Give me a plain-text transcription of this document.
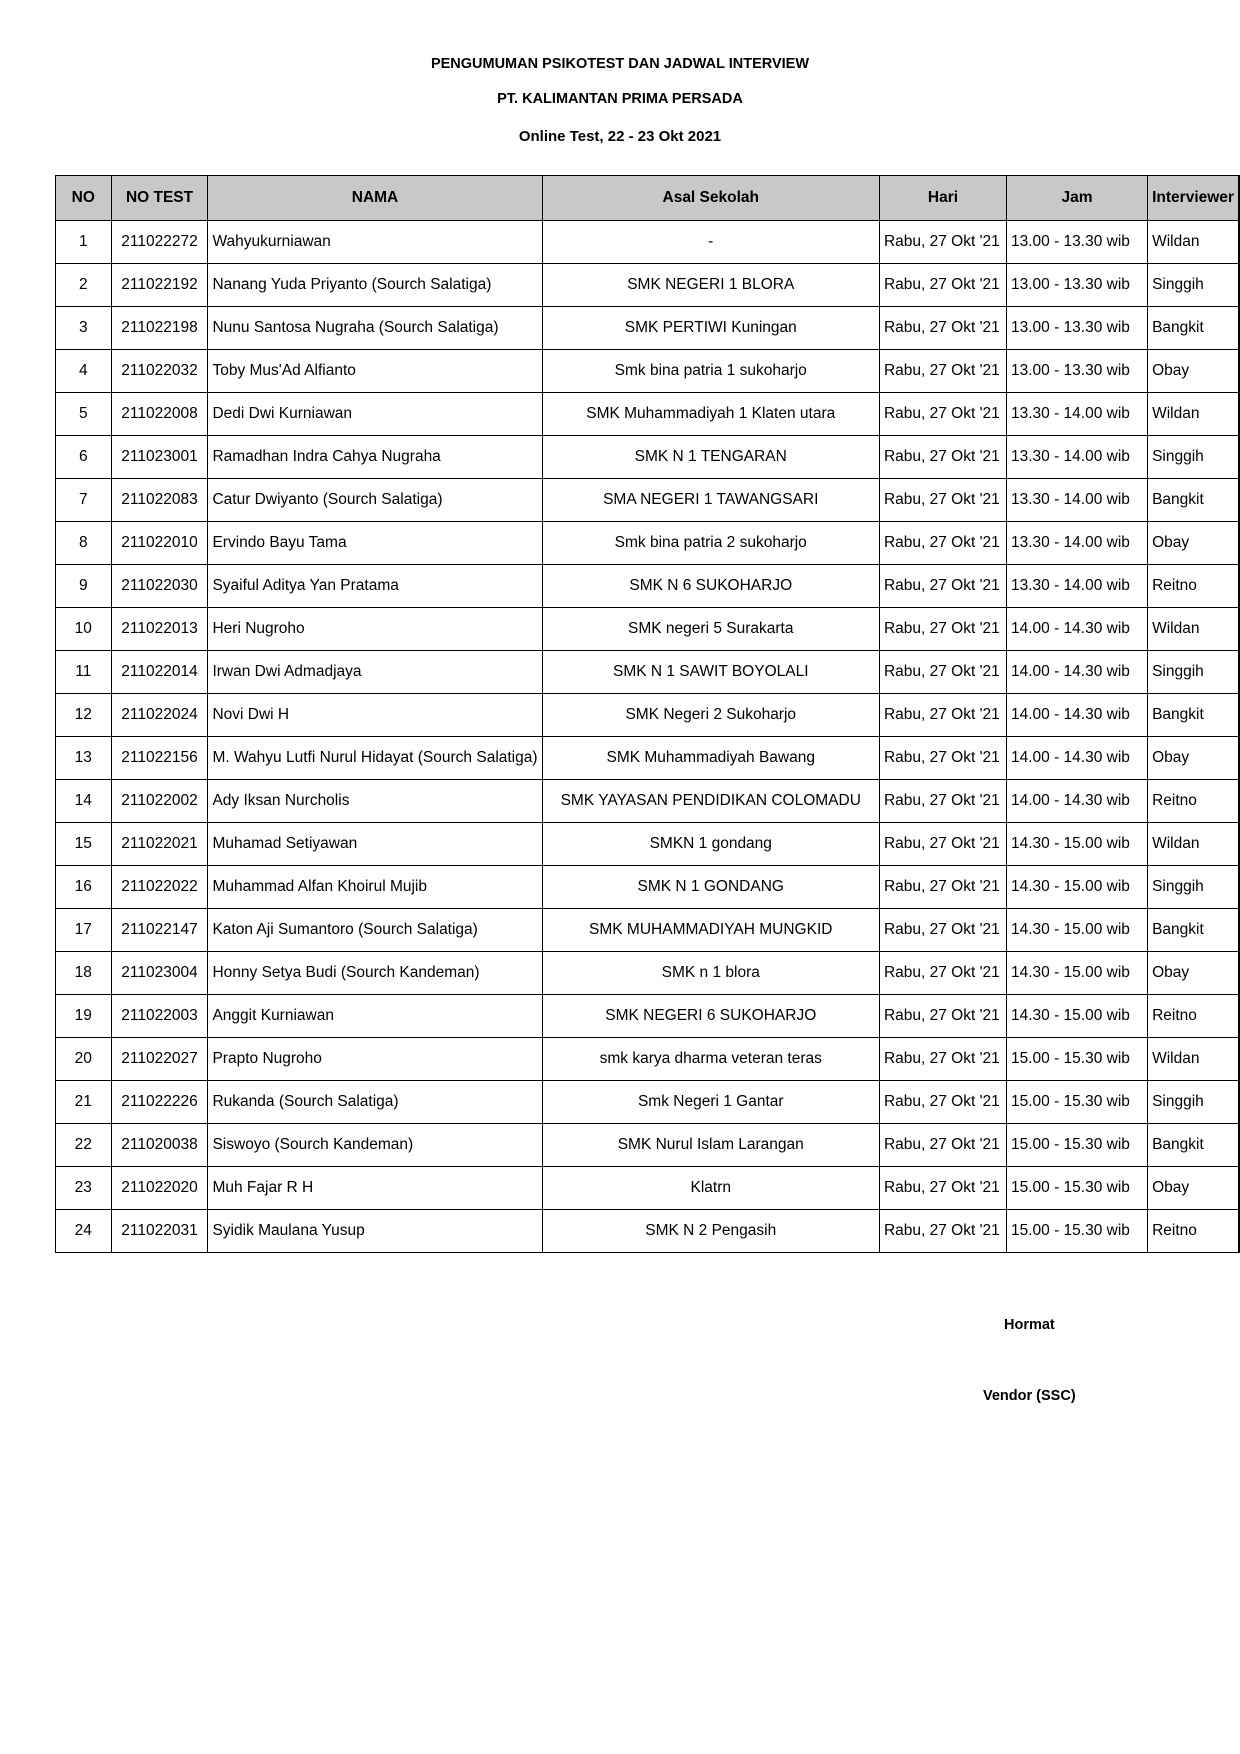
PENGUMUMAN PSIKOTEST DAN JADWAL INTERVIEW
PT. KALIMANTAN PRIMA PERSADA
Online Test, 22 - 23 Okt 2021
NO	NO TEST	NAMA	Asal Sekolah	Hari	Jam	Interviewer
1	211022272	Wahyukurniawan	-	Rabu, 27 Okt '21	13.00 - 13.30 wib	Wildan
2	211022192	Nanang Yuda Priyanto (Sourch Salatiga)	SMK NEGERI 1 BLORA	Rabu, 27 Okt '21	13.00 - 13.30 wib	Singgih
3	211022198	Nunu Santosa Nugraha (Sourch Salatiga)	SMK PERTIWI Kuningan	Rabu, 27 Okt '21	13.00 - 13.30 wib	Bangkit
4	211022032	Toby Mus'Ad Alfianto	Smk bina patria 1 sukoharjo	Rabu, 27 Okt '21	13.00 - 13.30 wib	Obay
5	211022008	Dedi Dwi Kurniawan	SMK Muhammadiyah 1 Klaten utara	Rabu, 27 Okt '21	13.30 - 14.00 wib	Wildan
6	211023001	Ramadhan Indra Cahya Nugraha	SMK N 1 TENGARAN	Rabu, 27 Okt '21	13.30 - 14.00 wib	Singgih
7	211022083	Catur Dwiyanto (Sourch Salatiga)	SMA NEGERI 1 TAWANGSARI	Rabu, 27 Okt '21	13.30 - 14.00 wib	Bangkit
8	211022010	Ervindo Bayu Tama	Smk bina patria 2 sukoharjo	Rabu, 27 Okt '21	13.30 - 14.00 wib	Obay
9	211022030	Syaiful Aditya Yan Pratama	SMK N 6 SUKOHARJO	Rabu, 27 Okt '21	13.30 - 14.00 wib	Reitno
10	211022013	Heri Nugroho	SMK negeri 5 Surakarta	Rabu, 27 Okt '21	14.00 - 14.30 wib	Wildan
11	211022014	Irwan Dwi Admadjaya	SMK N 1 SAWIT BOYOLALI	Rabu, 27 Okt '21	14.00 - 14.30 wib	Singgih
12	211022024	Novi Dwi H	SMK Negeri 2 Sukoharjo	Rabu, 27 Okt '21	14.00 - 14.30 wib	Bangkit
13	211022156	M. Wahyu Lutfi Nurul Hidayat (Sourch Salatiga)	SMK Muhammadiyah Bawang	Rabu, 27 Okt '21	14.00 - 14.30 wib	Obay
14	211022002	Ady Iksan Nurcholis	SMK YAYASAN PENDIDIKAN COLOMADU	Rabu, 27 Okt '21	14.00 - 14.30 wib	Reitno
15	211022021	Muhamad Setiyawan	SMKN 1 gondang	Rabu, 27 Okt '21	14.30 - 15.00 wib	Wildan
16	211022022	Muhammad Alfan Khoirul Mujib	SMK N 1 GONDANG	Rabu, 27 Okt '21	14.30 - 15.00 wib	Singgih
17	211022147	Katon Aji Sumantoro (Sourch Salatiga)	SMK MUHAMMADIYAH MUNGKID	Rabu, 27 Okt '21	14.30 - 15.00 wib	Bangkit
18	211023004	Honny Setya Budi (Sourch Kandeman)	SMK n 1 blora	Rabu, 27 Okt '21	14.30 - 15.00 wib	Obay
19	211022003	Anggit Kurniawan	SMK NEGERI 6 SUKOHARJO	Rabu, 27 Okt '21	14.30 - 15.00 wib	Reitno
20	211022027	Prapto Nugroho	smk karya dharma veteran teras	Rabu, 27 Okt '21	15.00 - 15.30 wib	Wildan
21	211022226	Rukanda (Sourch Salatiga)	Smk Negeri 1 Gantar	Rabu, 27 Okt '21	15.00 - 15.30 wib	Singgih
22	211020038	Siswoyo (Sourch Kandeman)	SMK Nurul Islam Larangan	Rabu, 27 Okt '21	15.00 - 15.30 wib	Bangkit
23	211022020	Muh Fajar R H	Klatrn	Rabu, 27 Okt '21	15.00 - 15.30 wib	Obay
24	211022031	Syidik Maulana Yusup	SMK N 2 Pengasih	Rabu, 27 Okt '21	15.00 - 15.30 wib	Reitno
Hormat
Vendor (SSC)
